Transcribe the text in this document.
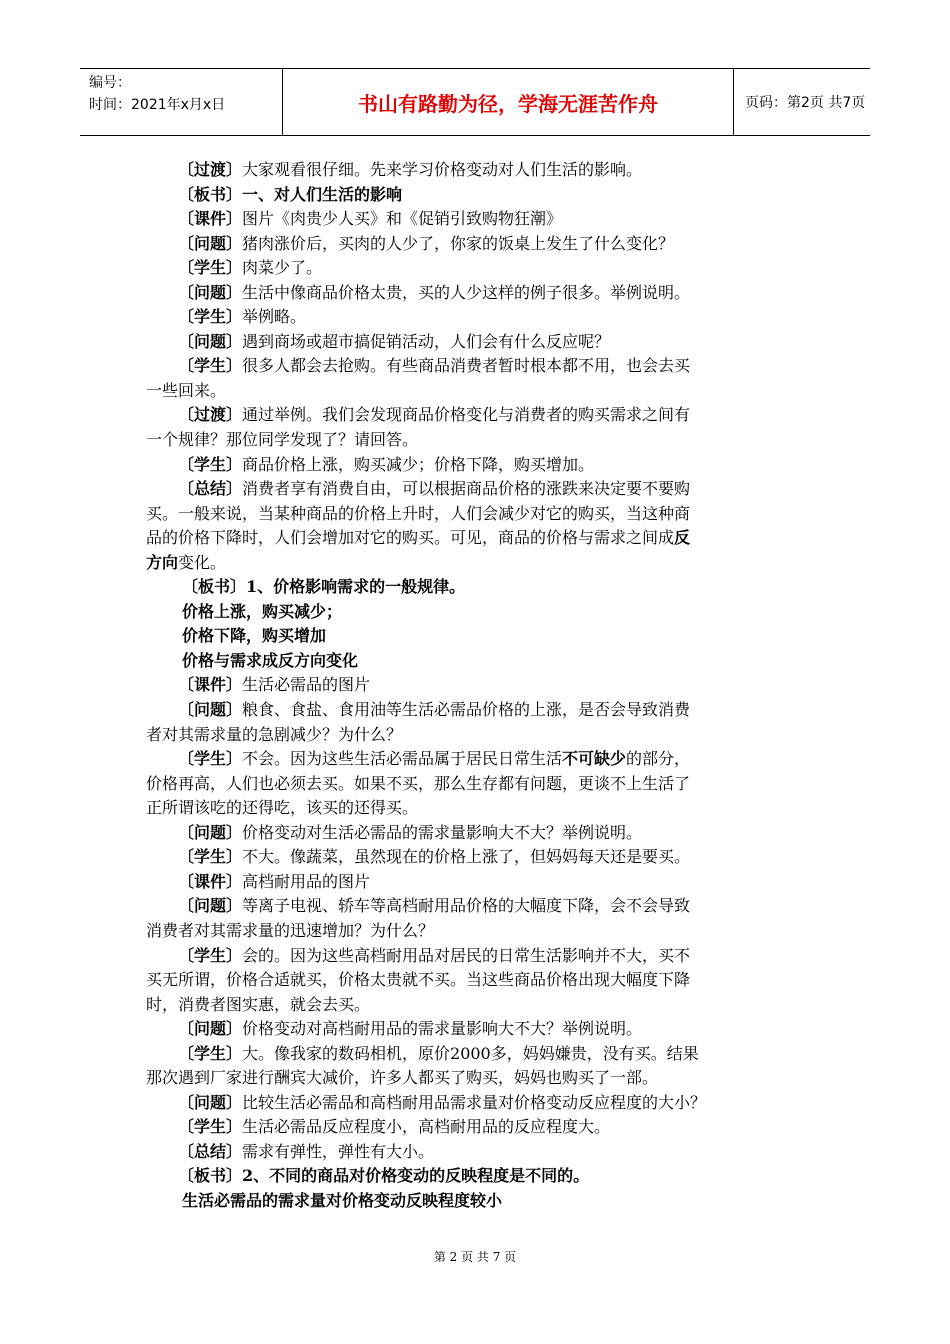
编号：
时间：2021年x月x日	书山有路勤为径，学海无涯苦作舟	页码：第2页 共7页

〔过渡〕大家观看很仔细。先来学习价格变动对人们生活的影响。

〔板书〕一、对人们生活的影响

〔课件〕图片《肉贵少人买》和《促销引致购物狂潮》

〔问题〕猪肉涨价后，买肉的人少了，你家的饭桌上发生了什么变化？

〔学生〕肉菜少了。

〔问题〕生活中像商品价格太贵，买的人少这样的例子很多。举例说明。

〔学生〕举例略。

〔问题〕遇到商场或超市搞促销活动，人们会有什么反应呢？

〔学生〕很多人都会去抢购。有些商品消费者暂时根本都不用，也会去买

一些回来。

〔过渡〕通过举例。我们会发现商品价格变化与消费者的购买需求之间有

一个规律？那位同学发现了？请回答。

〔学生〕商品价格上涨，购买减少；价格下降，购买增加。

〔总结〕消费者享有消费自由，可以根据商品价格的涨跌来决定要不要购

买。一般来说，当某种商品的价格上升时，人们会减少对它的购买，当这种商

品的价格下降时，人们会增加对它的购买。可见，商品的价格与需求之间成反

方向变化。

〔板书〕1、价格影响需求的一般规律。

价格上涨，购买减少；

价格下降，购买增加

价格与需求成反方向变化

〔课件〕生活必需品的图片

〔问题〕粮食、食盐、食用油等生活必需品价格的上涨，是否会导致消费

者对其需求量的急剧减少？为什么？

〔学生〕不会。因为这些生活必需品属于居民日常生活不可缺少的部分，

价格再高，人们也必须去买。如果不买，那么生存都有问题，更谈不上生活了

正所谓该吃的还得吃，该买的还得买。

〔问题〕价格变动对生活必需品的需求量影响大不大？举例说明。

〔学生〕不大。像蔬菜，虽然现在的价格上涨了，但妈妈每天还是要买。

〔课件〕高档耐用品的图片

〔问题〕等离子电视、轿车等高档耐用品价格的大幅度下降，会不会导致

消费者对其需求量的迅速增加？为什么？

〔学生〕会的。因为这些高档耐用品对居民的日常生活影响并不大，买不

买无所谓，价格合适就买，价格太贵就不买。当这些商品价格出现大幅度下降

时，消费者图实惠，就会去买。

〔问题〕价格变动对高档耐用品的需求量影响大不大？举例说明。

〔学生〕大。像我家的数码相机，原价2000多，妈妈嫌贵，没有买。结果

那次遇到厂家进行酬宾大减价，许多人都买了购买，妈妈也购买了一部。

〔问题〕比较生活必需品和高档耐用品需求量对价格变动反应程度的大小？

〔学生〕生活必需品反应程度小，高档耐用品的反应程度大。

〔总结〕需求有弹性，弹性有大小。

〔板书〕2、不同的商品对价格变动的反映程度是不同的。

生活必需品的需求量对价格变动反映程度较小

第 2 页 共 7 页
